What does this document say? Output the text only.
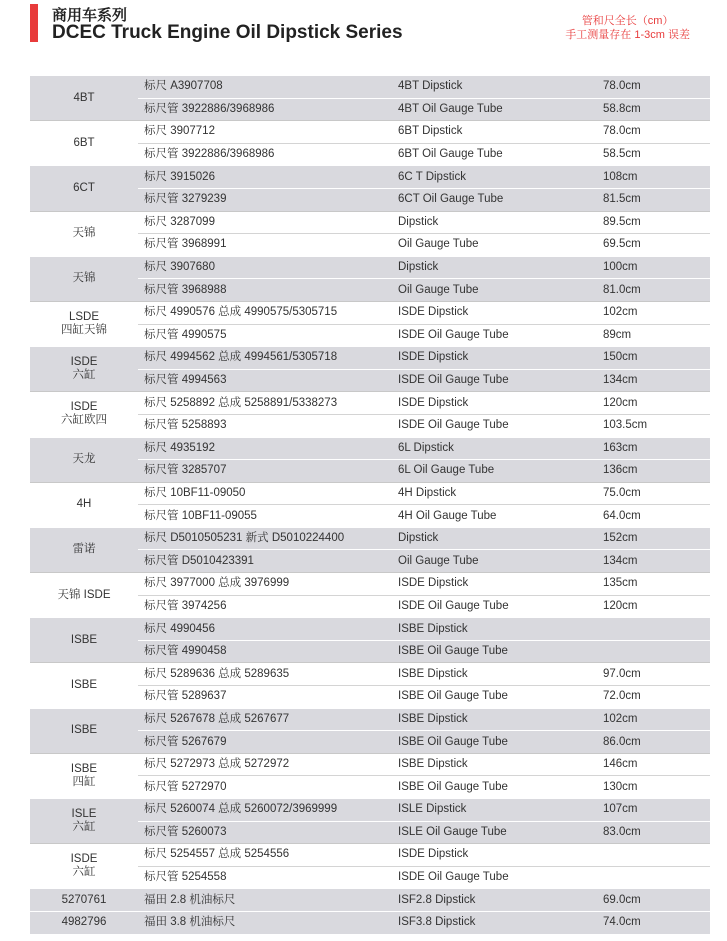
商用车系列
DCEC Truck Engine Oil Dipstick Series
管和尺全长（cm）
手工测量存在 1-3cm 误差
4BT	标尺 A3907708	4BT Dipstick	78.0cm
	标尺管 3922886/3968986	4BT Oil Gauge Tube	58.8cm

6BT	标尺 3907712	6BT Dipstick	78.0cm
	标尺管 3922886/3968986	6BT Oil Gauge Tube	58.5cm

6CT	标尺 3915026	6C T Dipstick	108cm
	标尺管 3279239	6CT Oil Gauge Tube	81.5cm

天锦	标尺 3287099	Dipstick	89.5cm
	标尺管 3968991	Oil Gauge Tube	69.5cm

天锦	标尺 3907680	Dipstick	100cm
	标尺管 3968988	Oil Gauge Tube	81.0cm

LSDE
四缸天锦	标尺 4990576 总成 4990575/5305715	ISDE Dipstick	102cm
	标尺管 4990575	ISDE Oil Gauge Tube	89cm

ISDE
六缸	标尺 4994562 总成 4994561/5305718	ISDE Dipstick	150cm
	标尺管 4994563	ISDE Oil Gauge Tube	134cm

ISDE
六缸欧四	标尺 5258892 总成 5258891/5338273	ISDE Dipstick	120cm
	标尺管 5258893	ISDE Oil Gauge Tube	103.5cm

天龙	标尺 4935192	6L Dipstick	163cm
	标尺管 3285707	6L Oil Gauge Tube	136cm

4H	标尺 10BF11-09050	4H Dipstick	75.0cm
	标尺管 10BF11-09055	4H Oil Gauge Tube	64.0cm

雷诺	标尺 D5010505231 新式 D5010224400	Dipstick	152cm
	标尺管 D5010423391	Oil Gauge Tube	134cm

天锦 ISDE	标尺 3977000 总成 3976999	ISDE Dipstick	135cm
	标尺管 3974256	ISDE Oil Gauge Tube	120cm

ISBE	标尺 4990456	ISBE Dipstick	
	标尺管 4990458	ISBE Oil Gauge Tube	

ISBE	标尺 5289636 总成 5289635	ISBE Dipstick	97.0cm
	标尺管 5289637	ISBE Oil Gauge Tube	72.0cm

ISBE	标尺 5267678 总成 5267677	ISBE Dipstick	102cm
	标尺管 5267679	ISBE Oil Gauge Tube	86.0cm

ISBE
四缸	标尺 5272973 总成 5272972	ISBE Dipstick	146cm
	标尺管 5272970	ISBE Oil Gauge Tube	130cm

ISLE
六缸	标尺 5260074 总成 5260072/3969999	ISLE Dipstick	107cm
	标尺管 5260073	ISLE Oil Gauge Tube	83.0cm

ISDE
六缸	标尺 5254557 总成 5254556	ISDE Dipstick	
	标尺管 5254558	ISDE Oil Gauge Tube	
5270761	福田 2.8 机油标尺	ISF2.8 Dipstick	69.0cm
4982796	福田 3.8 机油标尺	ISF3.8 Dipstick	74.0cm
